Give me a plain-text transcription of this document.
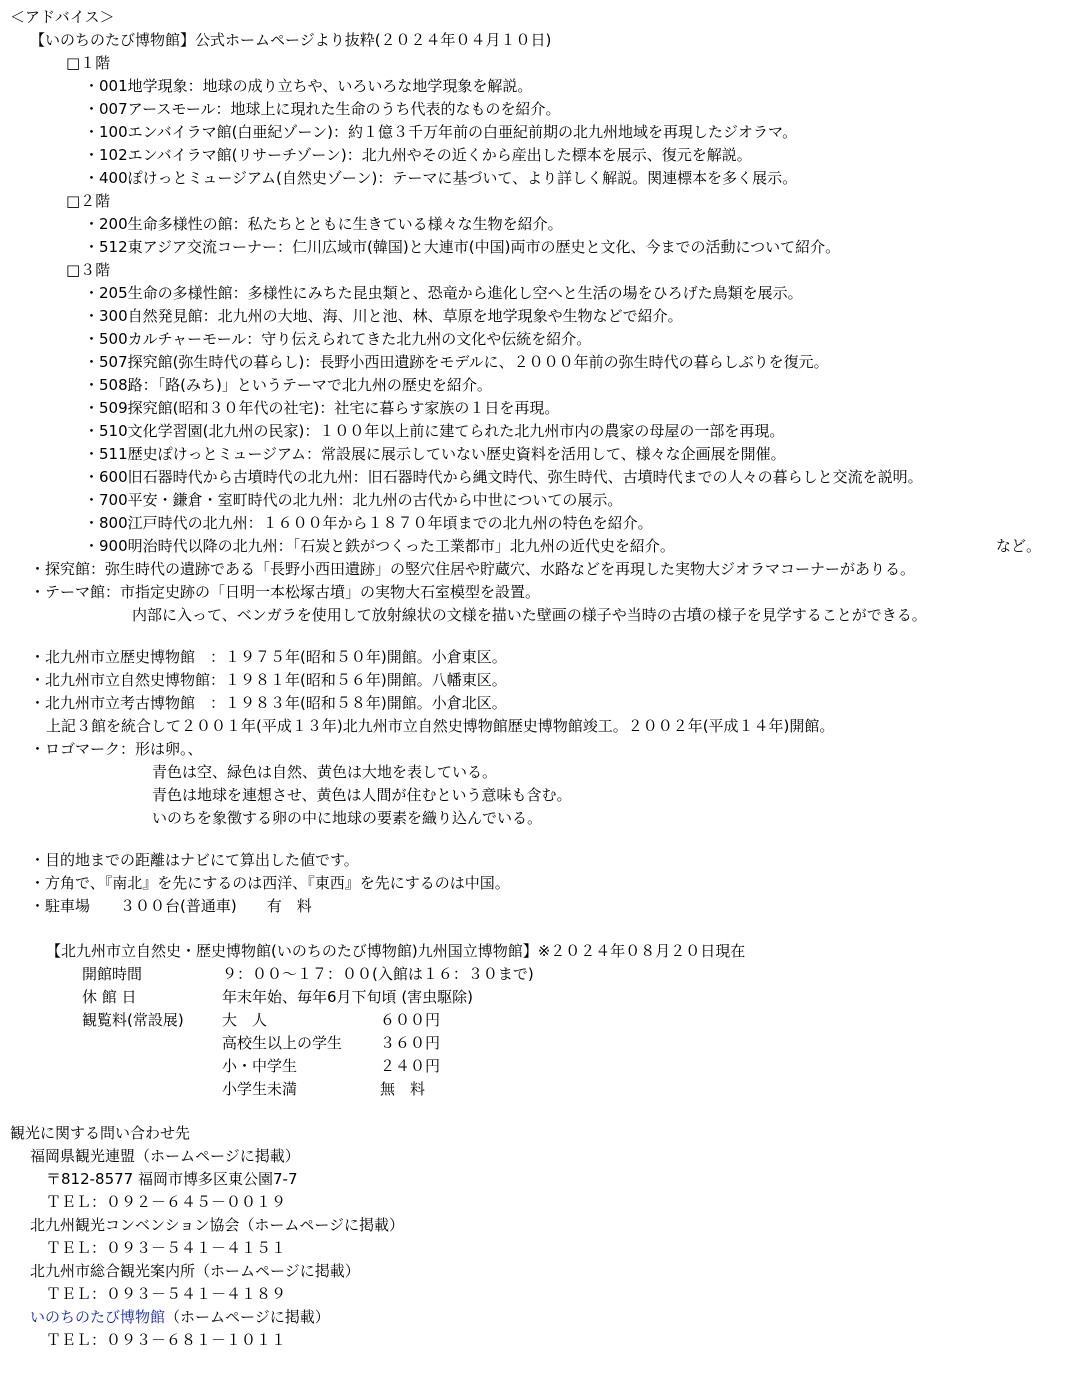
＜アドバイス＞
【いのちのたび博物館】公式ホームページより抜粋(２０２４年０４月１０日)
□１階
・001地学現象：地球の成り立ちや、いろいろな地学現象を解説。
・007アースモール：地球上に現れた生命のうち代表的なものを紹介。
・100エンバイラマ館(白亜紀ゾーン)：約１億３千万年前の白亜紀前期の北九州地域を再現したジオラマ。
・102エンバイラマ館(リサーチゾーン)：北九州やその近くから産出した標本を展示、復元を解説。
・400ぽけっとミュージアム(自然史ゾーン)：テーマに基づいて、より詳しく解説。関連標本を多く展示。
□２階
・200生命多様性の館：私たちとともに生きている様々な生物を紹介。
・512東アジア交流コーナー：仁川広域市(韓国)と大連市(中国)両市の歴史と文化、今までの活動について紹介。
□３階
・205生命の多様性館：多様性にみちた昆虫類と、恐竜から進化し空へと生活の場をひろげた鳥類を展示。
・300自然発見館：北九州の大地、海、川と池、林、草原を地学現象や生物などで紹介。
・500カルチャーモール：守り伝えられてきた北九州の文化や伝統を紹介。
・507探究館(弥生時代の暮らし)：長野小西田遺跡をモデルに、２０００年前の弥生時代の暮らしぶりを復元。
・508路：「路(みち)」というテーマで北九州の歴史を紹介。
・509探究館(昭和３０年代の社宅)：社宅に暮らす家族の１日を再現。
・510文化学習園(北九州の民家)：１００年以上前に建てられた北九州市内の農家の母屋の一部を再現。
・511歴史ぽけっとミュージアム：常設展に展示していない歴史資料を活用して、様々な企画展を開催。
・600旧石器時代から古墳時代の北九州：旧石器時代から縄文時代、弥生時代、古墳時代までの人々の暮らしと交流を説明。
・700平安・鎌倉・室町時代の北九州：北九州の古代から中世についての展示。
・800江戸時代の北九州：１６００年から１８７０年頃までの北九州の特色を紹介。
・900明治時代以降の北九州：「石炭と鉄がつくった工業都市」北九州の近代史を紹介。	など。
・探究館：弥生時代の遺跡である「長野小西田遺跡」の竪穴住居や貯蔵穴、水路などを再現した実物大ジオラマコーナーがありる。
・テーマ館：市指定史跡の「日明一本松塚古墳」の実物大石室模型を設置。
内部に入って、ベンガラを使用して放射線状の文様を描いた壁画の様子や当時の古墳の様子を見学することができる。
・北九州市立歴史博物館　：１９７５年(昭和５０年)開館。小倉東区。
・北九州市立自然史博物館：１９８１年(昭和５６年)開館。八幡東区。
・北九州市立考古博物館　：１９８３年(昭和５８年)開館。小倉北区。
上記３館を統合して２００１年(平成１３年)北九州市立自然史博物館歴史博物館竣工。２００２年(平成１４年)開館。
・ロゴマーク：形は卵。、
青色は空、緑色は自然、黄色は大地を表している。
青色は地球を連想させ、黄色は人間が住むという意味も含む。
いのちを象徴する卵の中に地球の要素を織り込んでいる。
・目的地までの距離はナビにて算出した値です。
・方角で、『南北』を先にするのは西洋、『東西』を先にするのは中国。
・駐車場　　３００台(普通車)　　有　料
【北九州市立自然史・歴史博物館(いのちのたび博物館)九州国立博物館】※２０２４年０８月２０日現在
開館時間	９：００～１７：００(入館は１６：３０まで)
休 館 日	年末年始、毎年6月下旬頃 (害虫駆除)
観覧料(常設展)	大　人	６００円
高校生以上の学生	３６０円
小・中学生	２４０円
小学生未満	無　料
観光に関する問い合わせ先
福岡県観光連盟（ホームページに掲載）
〒812-8577 福岡市博多区東公園7-7
ＴＥＬ：０９２－６４５－００１９
北九州観光コンベンション協会（ホームページに掲載）
ＴＥＬ：０９３－５４１－４１５１
北九州市総合観光案内所（ホームページに掲載）
ＴＥＬ：０９３－５４１－４１８９
いのちのたび博物館（ホームページに掲載）
ＴＥＬ：０９３－６８１－１０１１
